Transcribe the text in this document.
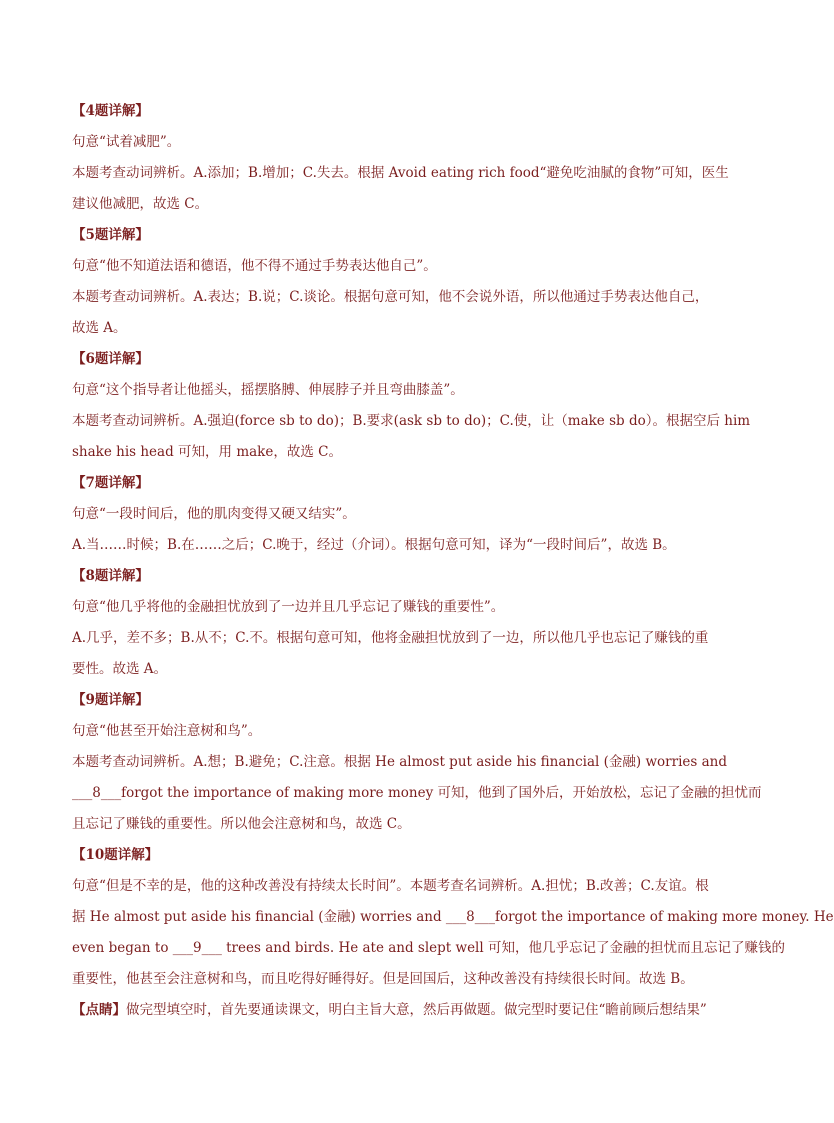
【4题详解】
句意“试着减肥”。
本题考查动词辨析。A.添加；B.增加；C.失去。根据 Avoid eating rich food“避免吃油腻的食物”可知，医生
建议他减肥，故选 C。
【5题详解】
句意“他不知道法语和德语，他不得不通过手势表达他自己”。
本题考查动词辨析。A.表达；B.说；C.谈论。根据句意可知，他不会说外语，所以他通过手势表达他自己，
故选 A。
【6题详解】
句意“这个指导者让他摇头，摇摆胳膊、伸展脖子并且弯曲膝盖”。
本题考查动词辨析。A.强迫(force sb to do)；B.要求(ask sb to do)；C.使，让（make sb do）。根据空后 him
shake his head 可知，用 make，故选 C。
【7题详解】
句意“一段时间后，他的肌肉变得又硬又结实”。
A.当……时候；B.在……之后；C.晚于，经过（介词）。根据句意可知，译为“一段时间后”，故选 B。
【8题详解】
句意“他几乎将他的金融担忧放到了一边并且几乎忘记了赚钱的重要性”。
A.几乎，差不多；B.从不；C.不。根据句意可知，他将金融担忧放到了一边，所以他几乎也忘记了赚钱的重
要性。故选 A。
【9题详解】
句意“他甚至开始注意树和鸟”。
本题考查动词辨析。A.想；B.避免；C.注意。根据 He almost put aside his financial (金融) worries and
___8___forgot the importance of making more money 可知，他到了国外后，开始放松，忘记了金融的担忧而
且忘记了赚钱的重要性。所以他会注意树和鸟，故选 C。
【10题详解】
句意“但是不幸的是，他的这种改善没有持续太长时间”。本题考查名词辨析。A.担忧；B.改善；C.友谊。根
据 He almost put aside his financial (金融) worries and ___8___forgot the importance of making more money. He
even began to ___9___ trees and birds. He ate and slept well 可知，他几乎忘记了金融的担忧而且忘记了赚钱的
重要性，他甚至会注意树和鸟，而且吃得好睡得好。但是回国后，这种改善没有持续很长时间。故选 B。
【点睛】做完型填空时，首先要通读课文，明白主旨大意，然后再做题。做完型时要记住“瞻前顾后想结果”
